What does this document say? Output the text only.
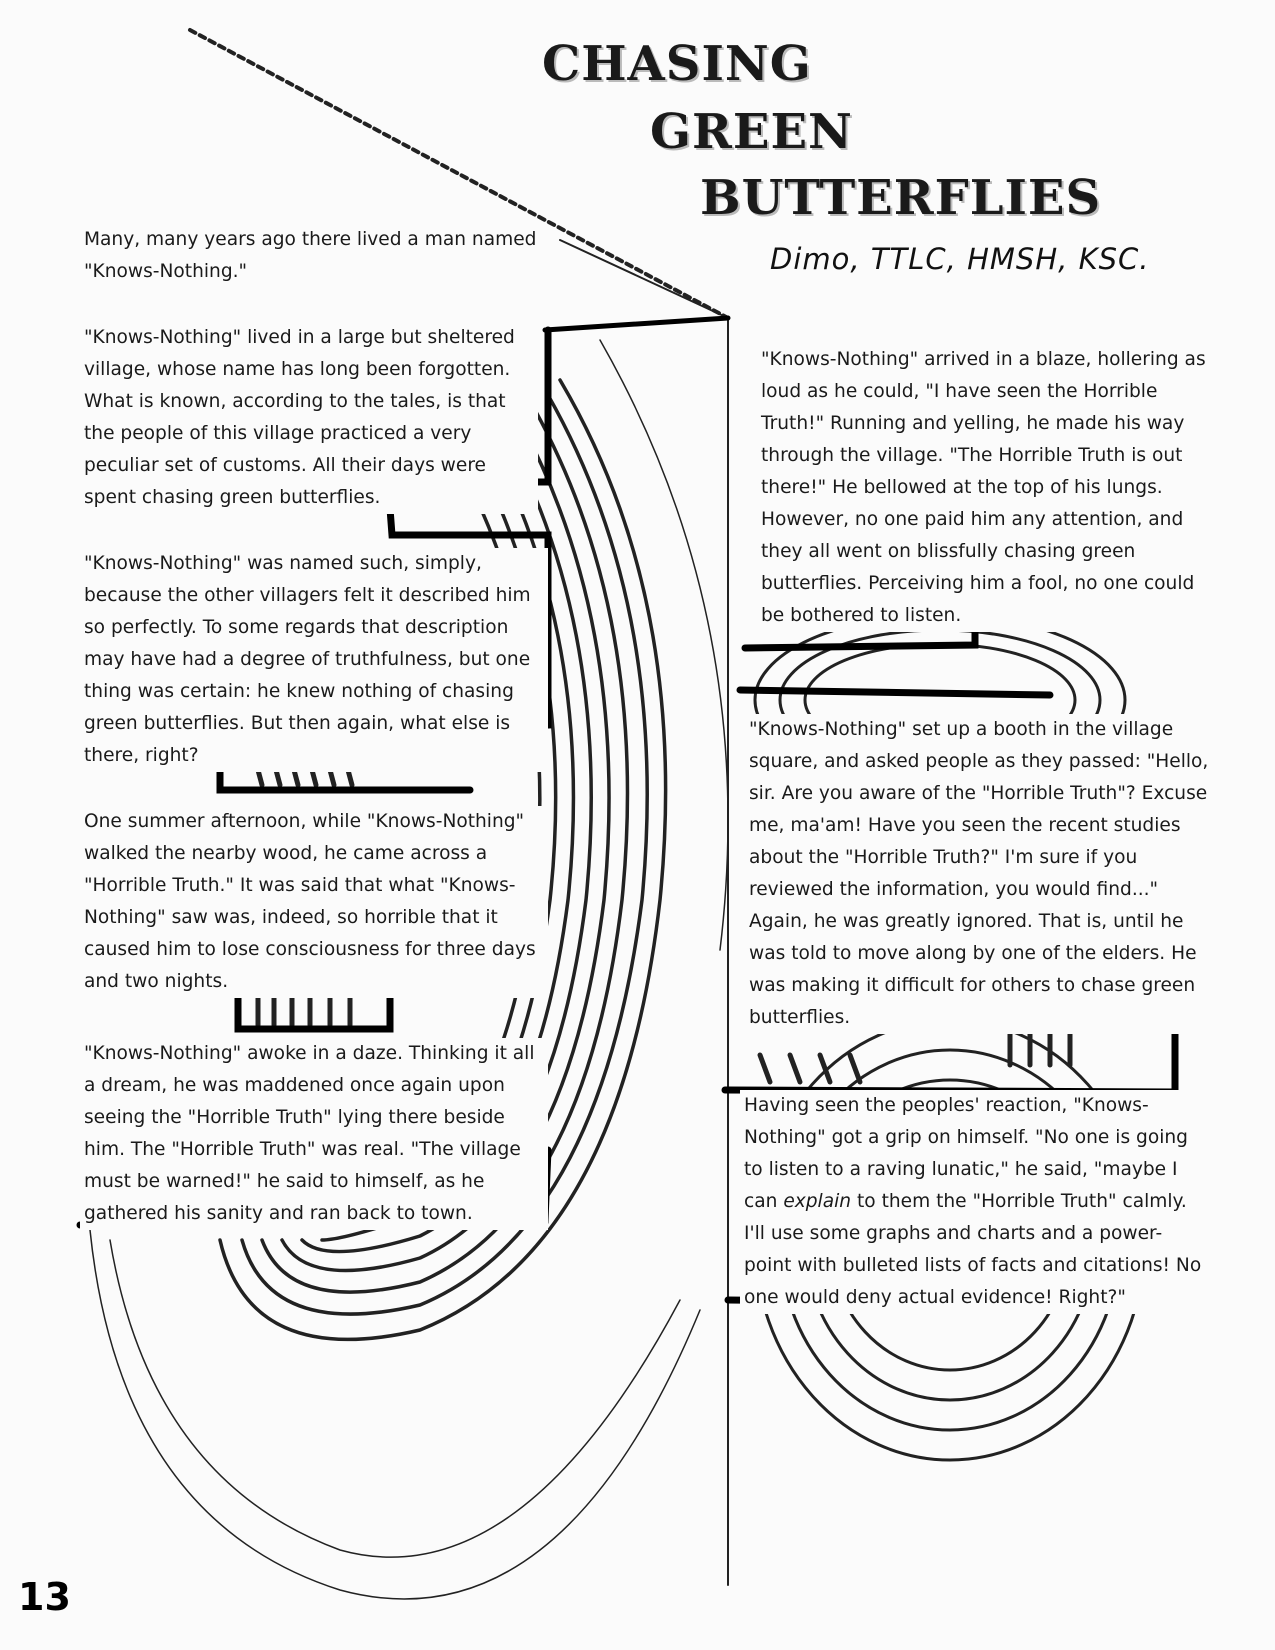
CHASING
GREEN
BUTTERFLIES
Dimo, TTLC, HMSH, KSC.

Many, many years ago there lived a man named "Knows-Nothing."

"Knows-Nothing" lived in a large but sheltered village, whose name has long been forgotten. What is known, according to the tales, is that the people of this village practiced a very peculiar set of customs. All their days were spent chasing green butterflies.

"Knows-Nothing" was named such, simply, because the other villagers felt it described him so perfectly. To some regards that description may have had a degree of truthfulness, but one thing was certain: he knew nothing of chasing green butterflies. But then again, what else is there, right?

One summer afternoon, while "Knows-Nothing" walked the nearby wood, he came across a "Horrible Truth." It was said that what "Knows-Nothing" saw was, indeed, so horrible that it caused him to lose consciousness for three days and two nights.

"Knows-Nothing" awoke in a daze. Thinking it all a dream, he was maddened once again upon seeing the "Horrible Truth" lying there beside him. The "Horrible Truth" was real. "The village must be warned!" he said to himself, as he gathered his sanity and ran back to town.

"Knows-Nothing" arrived in a blaze, hollering as loud as he could, "I have seen the Horrible Truth!" Running and yelling, he made his way through the village. "The Horrible Truth is out there!" He bellowed at the top of his lungs. However, no one paid him any attention, and they all went on blissfully chasing green butterflies. Perceiving him a fool, no one could be bothered to listen.

"Knows-Nothing" set up a booth in the village square, and asked people as they passed: "Hello, sir. Are you aware of the "Horrible Truth"? Excuse me, ma'am! Have you seen the recent studies about the "Horrible Truth?" I'm sure if you reviewed the information, you would find..." Again, he was greatly ignored. That is, until he was told to move along by one of the elders. He was making it difficult for others to chase green butterflies.

Having seen the peoples' reaction, "Knows-Nothing" got a grip on himself. "No one is going to listen to a raving lunatic," he said, "maybe I can explain to them the "Horrible Truth" calmly. I'll use some graphs and charts and a power-point with bulleted lists of facts and citations! No one would deny actual evidence! Right?"

13
